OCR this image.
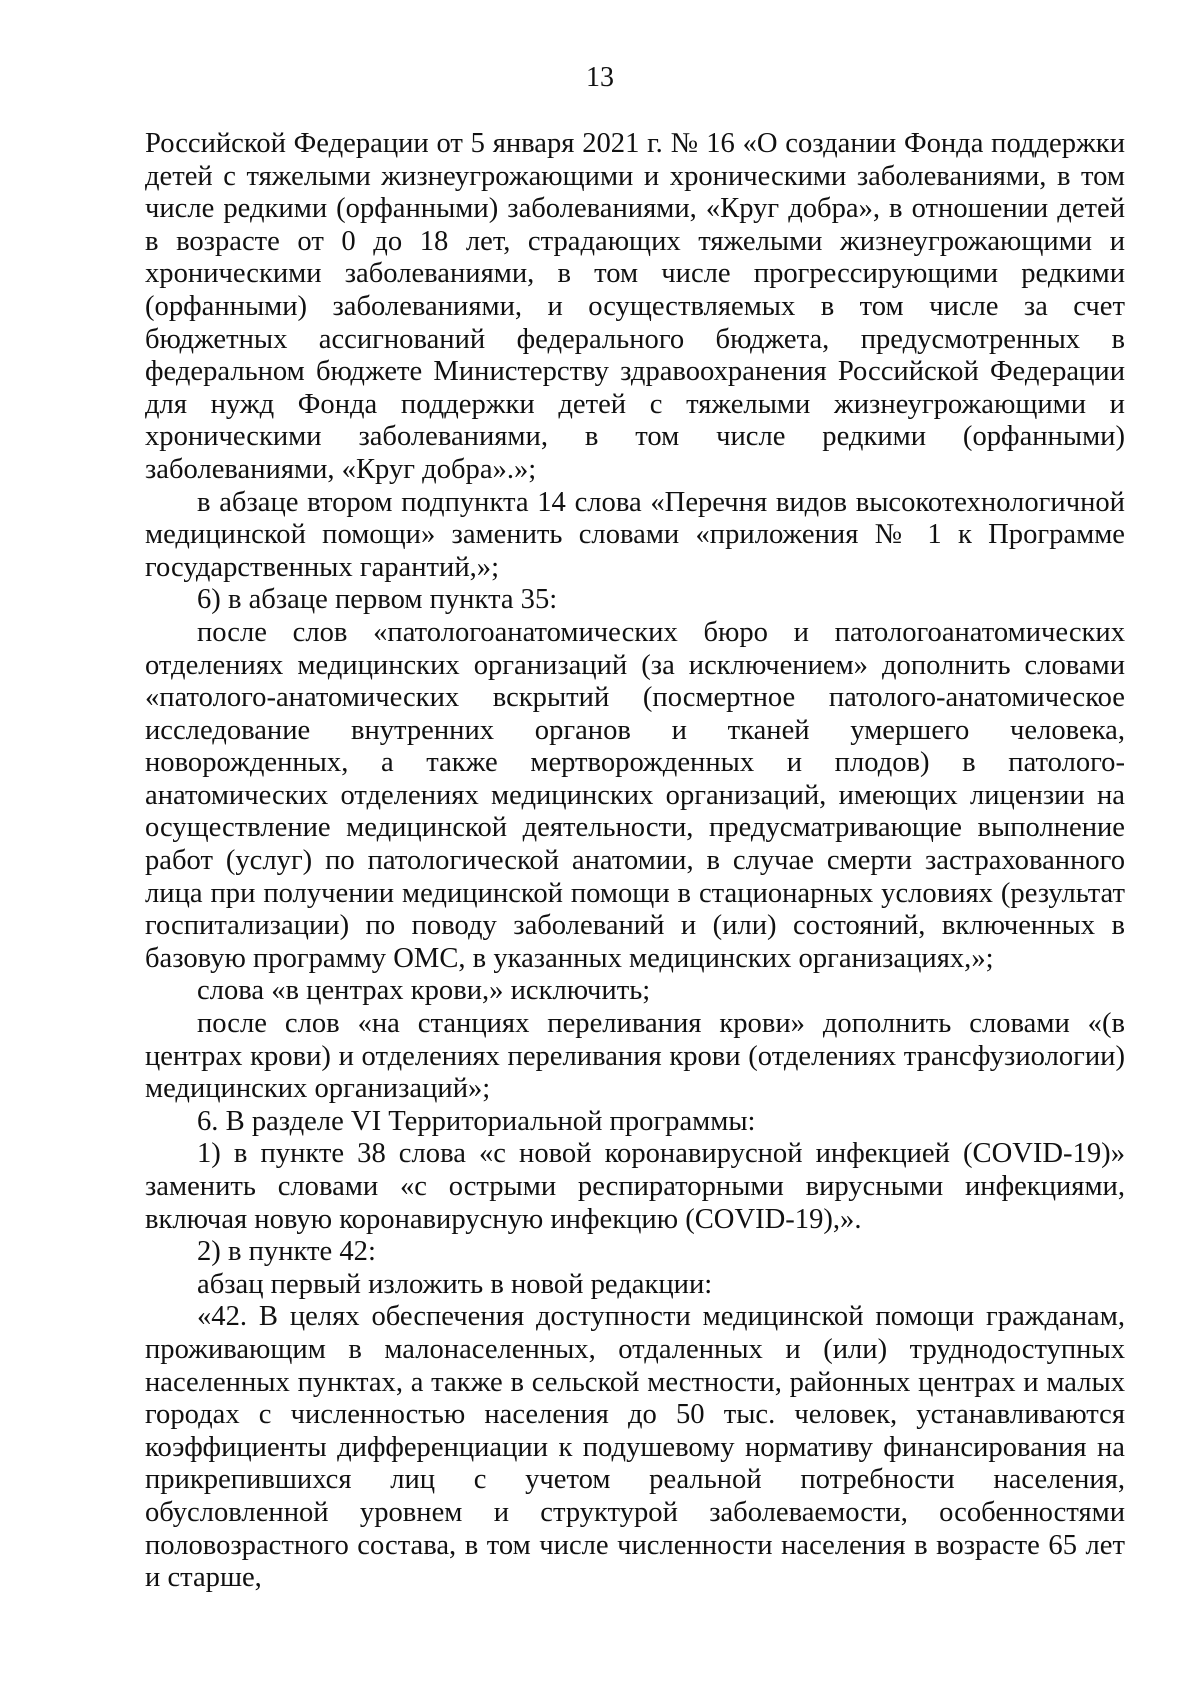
13

Российской Федерации от 5 января 2021 г. № 16 «О создании Фонда поддержки детей с тяжелыми жизнеугрожающими и хроническими заболеваниями, в том числе редкими (орфанными) заболеваниями, «Круг добра», в отношении детей в возрасте от 0 до 18 лет, страдающих тяжелыми жизнеугрожающими и хроническими заболеваниями, в том числе прогрессирующими редкими (орфанными) заболеваниями, и осуществляемых в том числе за счет бюджетных ассигнований федерального бюджета, предусмотренных в федеральном бюджете Министерству здравоохранения Российской Федерации для нужд Фонда поддержки детей с тяжелыми жизнеугрожающими и хроническими заболеваниями, в том числе редкими (орфанными) заболеваниями, «Круг добра».»;

в абзаце втором подпункта 14 слова «Перечня видов высокотехнологичной медицинской помощи» заменить словами «приложения № 1 к Программе государственных гарантий,»;

6) в абзаце первом пункта 35:

после слов «патологоанатомических бюро и патологоанатомических отделениях медицинских организаций (за исключением» дополнить словами «патолого-анатомических вскрытий (посмертное патолого-анатомическое исследование внутренних органов и тканей умершего человека, новорожденных, а также мертворожденных и плодов) в патолого-анатомических отделениях медицинских организаций, имеющих лицензии на осуществление медицинской деятельности, предусматривающие выполнение работ (услуг) по патологической анатомии, в случае смерти застрахованного лица при получении медицинской помощи в стационарных условиях (результат госпитализации) по поводу заболеваний и (или) состояний, включенных в базовую программу ОМС, в указанных медицинских организациях,»;

слова «в центрах крови,» исключить;

после слов «на станциях переливания крови» дополнить словами «(в центрах крови) и отделениях переливания крови (отделениях трансфузиологии) медицинских организаций»;

6. В разделе VI Территориальной программы:

1) в пункте 38 слова «с новой коронавирусной инфекцией (COVID-19)» заменить словами «с острыми респираторными вирусными инфекциями, включая новую коронавирусную инфекцию (COVID-19),».

2) в пункте 42:

абзац первый изложить в новой редакции:

«42. В целях обеспечения доступности медицинской помощи гражданам, проживающим в малонаселенных, отдаленных и (или) труднодоступных населенных пунктах, а также в сельской местности, районных центрах и малых городах с численностью населения до 50 тыс. человек, устанавливаются коэффициенты дифференциации к подушевому нормативу финансирования на прикрепившихся лиц с учетом реальной потребности населения, обусловленной уровнем и структурой заболеваемости, особенностями половозрастного состава, в том числе численности населения в возрасте 65 лет и старше,
